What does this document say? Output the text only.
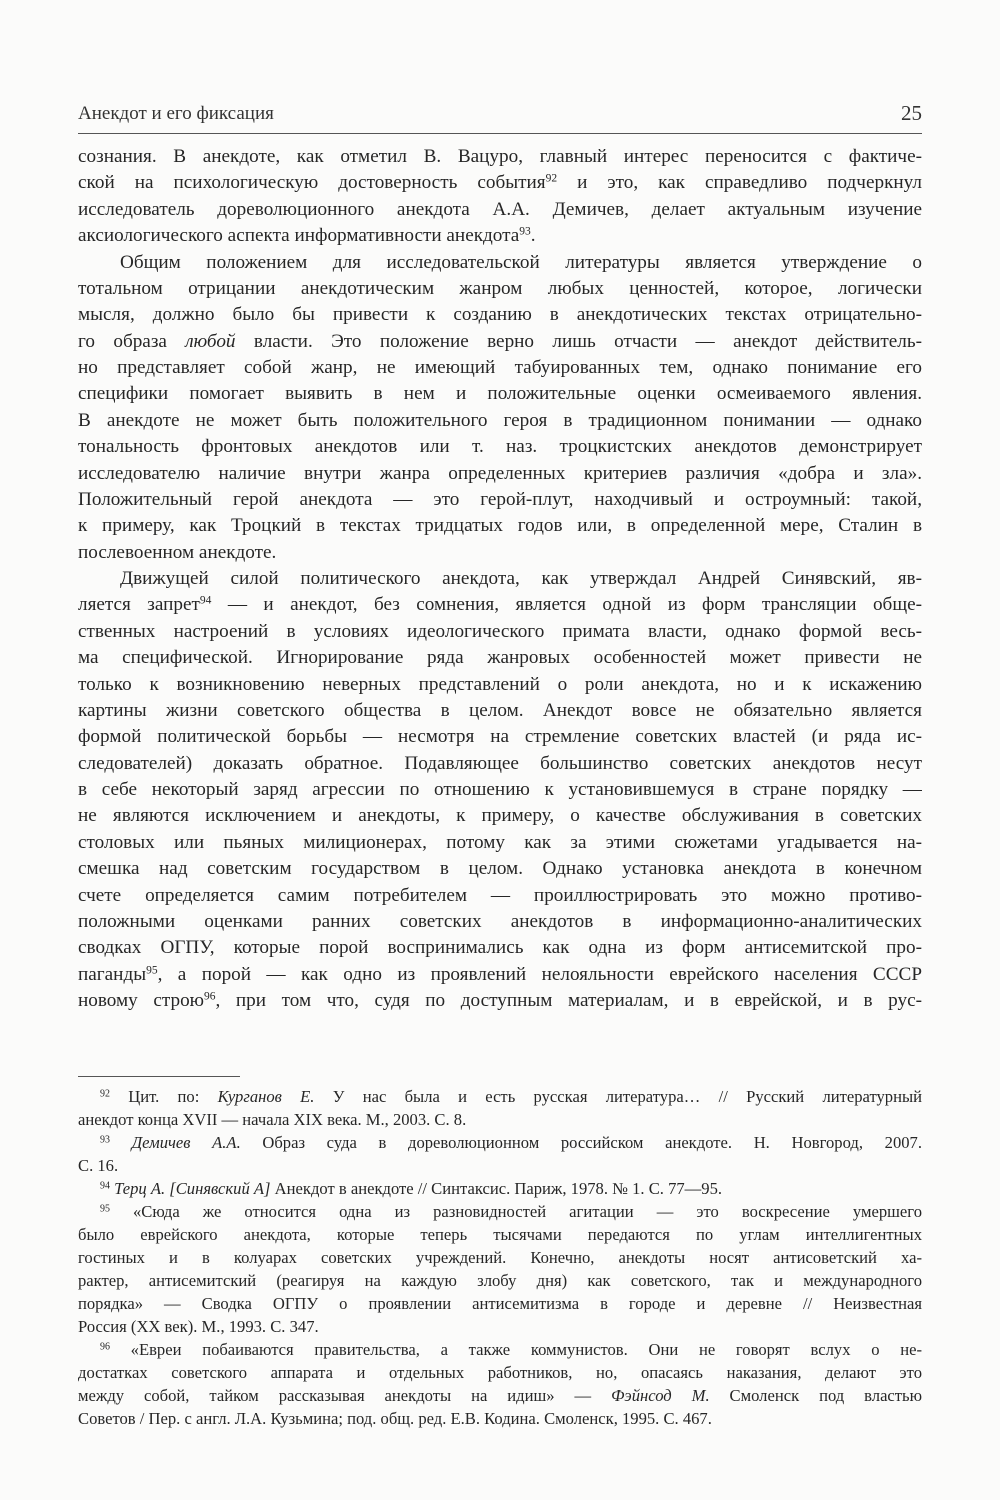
Анекдот и его фиксация	25
сознания. В анекдоте, как отметил В. Вацуро, главный интерес переносится с фактиче-
ской на психологическую достоверность события$^{92}$ и это, как справедливо подчеркнул
исследователь дореволюционного анекдота А.А. Демичев, делает актуальным изучение
аксиологического аспекта информативности анекдота$^{93}$.
Общим положением для исследовательской литературы является утверждение о
тотальном отрицании анекдотическим жанром любых ценностей, которое, логически
мысля, должно было бы привести к созданию в анекдотических текстах отрицательно-
го образа любой власти. Это положение верно лишь отчасти — анекдот действитель-
но представляет собой жанр, не имеющий табуированных тем, однако понимание его
специфики помогает выявить в нем и положительные оценки осмеиваемого явления.
В анекдоте не может быть положительного героя в традиционном понимании — однако
тональность фронтовых анекдотов или т. наз. троцкистских анекдотов демонстрирует
исследователю наличие внутри жанра определенных критериев различия «добра и зла».
Положительный герой анекдота — это герой-плут, находчивый и остроумный: такой,
к примеру, как Троцкий в текстах тридцатых годов или, в определенной мере, Сталин в
послевоенном анекдоте.
Движущей силой политического анекдота, как утверждал Андрей Синявский, яв-
ляется запрет$^{94}$ — и анекдот, без сомнения, является одной из форм трансляции обще-
ственных настроений в условиях идеологического примата власти, однако формой весь-
ма специфической. Игнорирование ряда жанровых особенностей может привести не
только к возникновению неверных представлений о роли анекдота, но и к искажению
картины жизни советского общества в целом. Анекдот вовсе не обязательно является
формой политической борьбы — несмотря на стремление советских властей (и ряда ис-
следователей) доказать обратное. Подавляющее большинство советских анекдотов несут
в себе некоторый заряд агрессии по отношению к установившемуся в стране порядку —
не являются исключением и анекдоты, к примеру, о качестве обслуживания в советских
столовых или пьяных милиционерах, потому как за этими сюжетами угадывается на-
смешка над советским государством в целом. Однако установка анекдота в конечном
счете определяется самим потребителем — проиллюстрировать это можно противо-
положными оценками ранних советских анекдотов в информационно-аналитических
сводках ОГПУ, которые порой воспринимались как одна из форм антисемитской про-
паганды$^{95}$, а порой — как одно из проявлений нелояльности еврейского населения СССР
новому строю$^{96}$, при том что, судя по доступным материалам, и в еврейской, и в рус-
$^{92}$ Цит. по: Курганов Е. У нас была и есть русская литература… // Русский литературный
анекдот конца XVII — начала XIX века. М., 2003. С. 8.
$^{93}$ Демичев А.А. Образ суда в дореволюционном российском анекдоте. Н. Новгород, 2007.
С. 16.
$^{94}$ Терц А. [Синявский А] Анекдот в анекдоте // Синтаксис. Париж, 1978. № 1. С. 77—95.
$^{95}$ «Сюда же относится одна из разновидностей агитации — это воскресение умершего
было еврейского анекдота, которые теперь тысячами передаются по углам интеллигентных
гостиных и в колуарах советских учреждений. Конечно, анекдоты носят антисоветский ха-
рактер, антисемитский (реагируя на каждую злобу дня) как советского, так и международного
порядка» — Сводка ОГПУ о проявлении антисемитизма в городе и деревне // Неизвестная
Россия (XX век). М., 1993. С. 347.
$^{96}$ «Евреи побаиваются правительства, а также коммунистов. Они не говорят вслух о не-
достатках советского аппарата и отдельных работников, но, опасаясь наказания, делают это
между собой, тайком рассказывая анекдоты на идиш» — Фэйнсод М. Смоленск под властью
Советов / Пер. с англ. Л.А. Кузьмина; под. общ. ред. Е.В. Кодина. Смоленск, 1995. С. 467.
